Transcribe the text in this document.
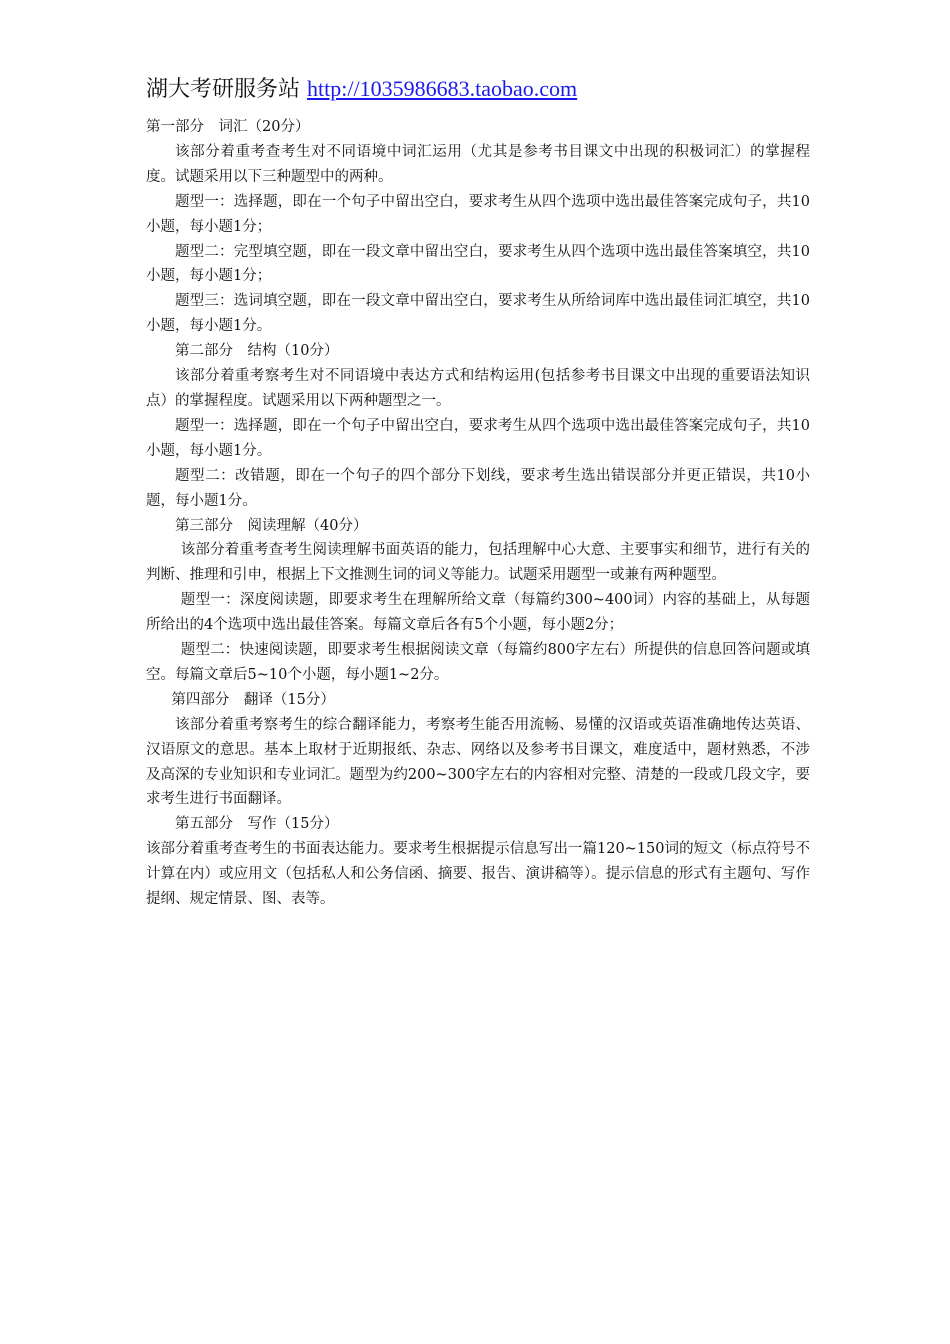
湖大考研服务站 http://1035986683.taobao.com

第一部分　词汇（20分）

该部分着重考查考生对不同语境中词汇运用（尤其是参考书目课文中出现的积极词汇）的掌握程度。试题采用以下三种题型中的两种。

题型一：选择题，即在一个句子中留出空白，要求考生从四个选项中选出最佳答案完成句子，共10小题，每小题1分；

题型二：完型填空题，即在一段文章中留出空白，要求考生从四个选项中选出最佳答案填空，共10小题，每小题1分；

题型三：选词填空题，即在一段文章中留出空白，要求考生从所给词库中选出最佳词汇填空，共10小题，每小题1分。

第二部分　结构（10分）

该部分着重考察考生对不同语境中表达方式和结构运用(包括参考书目课文中出现的重要语法知识点）的掌握程度。试题采用以下两种题型之一。

题型一：选择题，即在一个句子中留出空白，要求考生从四个选项中选出最佳答案完成句子，共10小题，每小题1分。

题型二：改错题，即在一个句子的四个部分下划线，要求考生选出错误部分并更正错误，共10小题，每小题1分。

第三部分　阅读理解（40分）

该部分着重考查考生阅读理解书面英语的能力，包括理解中心大意、主要事实和细节，进行有关的判断、推理和引申，根据上下文推测生词的词义等能力。试题采用题型一或兼有两种题型。

题型一：深度阅读题，即要求考生在理解所给文章（每篇约300~400词）内容的基础上，从每题所给出的4个选项中选出最佳答案。每篇文章后各有5个小题，每小题2分；

题型二：快速阅读题，即要求考生根据阅读文章（每篇约800字左右）所提供的信息回答问题或填空。每篇文章后5~10个小题，每小题1~2分。

第四部分　翻译（15分）

该部分着重考察考生的综合翻译能力，考察考生能否用流畅、易懂的汉语或英语准确地传达英语、汉语原文的意思。基本上取材于近期报纸、杂志、网络以及参考书目课文，难度适中，题材熟悉，不涉及高深的专业知识和专业词汇。题型为约200~300字左右的内容相对完整、清楚的一段或几段文字，要求考生进行书面翻译。

第五部分　写作（15分）

该部分着重考查考生的书面表达能力。要求考生根据提示信息写出一篇120~150词的短文（标点符号不计算在内）或应用文（包括私人和公务信函、摘要、报告、演讲稿等）。提示信息的形式有主题句、写作提纲、规定情景、图、表等。
